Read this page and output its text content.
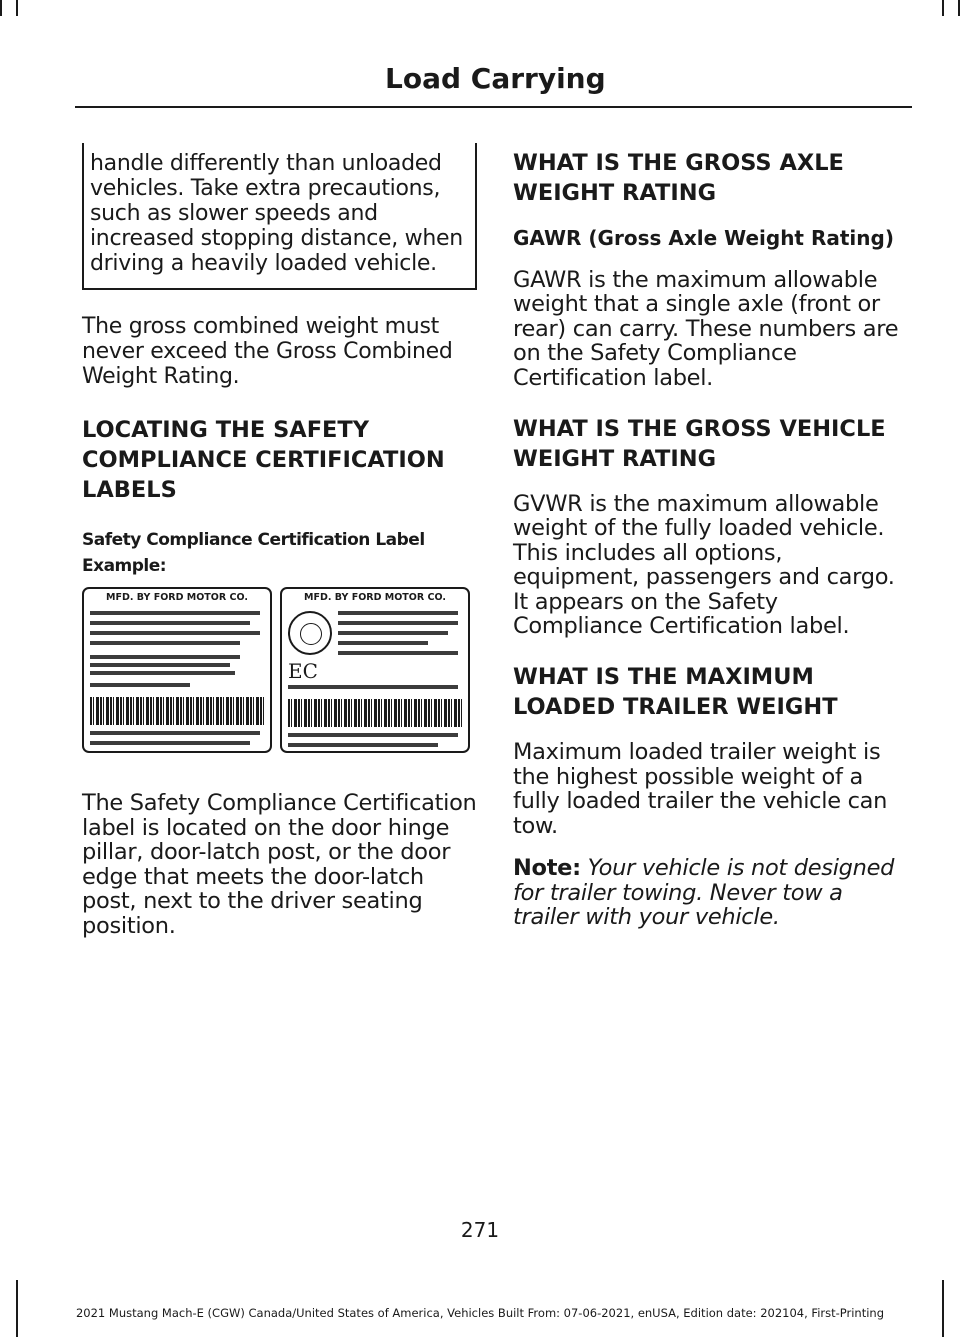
Load Carrying
handle differently than unloaded vehicles. Take extra precautions, such as slower speeds and increased stopping distance, when driving a heavily loaded vehicle.

The gross combined weight must never exceed the Gross Combined Weight Rating.

LOCATING THE SAFETY COMPLIANCE CERTIFICATION LABELS
Safety Compliance Certification Label Example:
MFD. BY FORD MOTOR CO.	MFD. BY FORD MOTOR CO.
EC

The Safety Compliance Certification label is located on the door hinge pillar, door-latch post, or the door edge that meets the door-latch post, next to the driver seating position.

WHAT IS THE GROSS AXLE WEIGHT RATING
GAWR (Gross Axle Weight Rating)

GAWR is the maximum allowable weight that a single axle (front or rear) can carry. These numbers are on the Safety Compliance Certification label.

WHAT IS THE GROSS VEHICLE WEIGHT RATING

GVWR is the maximum allowable weight of the fully loaded vehicle. This includes all options, equipment, passengers and cargo. It appears on the Safety Compliance Certification label.

WHAT IS THE MAXIMUM LOADED TRAILER WEIGHT

Maximum loaded trailer weight is the highest possible weight of a fully loaded trailer the vehicle can tow.

Note: Your vehicle is not designed for trailer towing. Never tow a trailer with your vehicle.

271
2021 Mustang Mach-E (CGW) Canada/United States of America, Vehicles Built From: 07-06-2021, enUSA, Edition date: 202104, First-Printing
